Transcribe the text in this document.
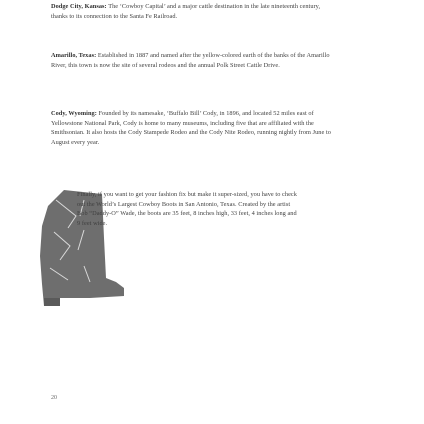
Dodge City, Kansas: The ‘Cowboy Capital’ and a major cattle destination in the late nineteenth century, thanks to its connection to the Santa Fe Railroad.

Amarillo, Texas: Established in 1887 and named after the yellow-colored earth of the banks of the Amarillo River, this town is now the site of several rodeos and the annual Polk Street Cattle Drive.

Cody, Wyoming: Founded by its namesake, ‘Buffalo Bill’ Cody, in 1896, and located 52 miles east of Yellowstone National Park, Cody is home to many museums, including five that are affiliated with the Smithsonian. It also hosts the Cody Stampede Rodeo and the Cody Nite Rodeo, running nightly from June to August every year.

Finally, if you want to get your fashion fix but make it super-sized, you have to check out the World’s Largest Cowboy Boots in San Antonio, Texas. Created by the artist Bob “Daddy-O” Wade, the boots are 35 feet, 8 inches high, 33 feet, 4 inches long and 9 feet wide.

20
